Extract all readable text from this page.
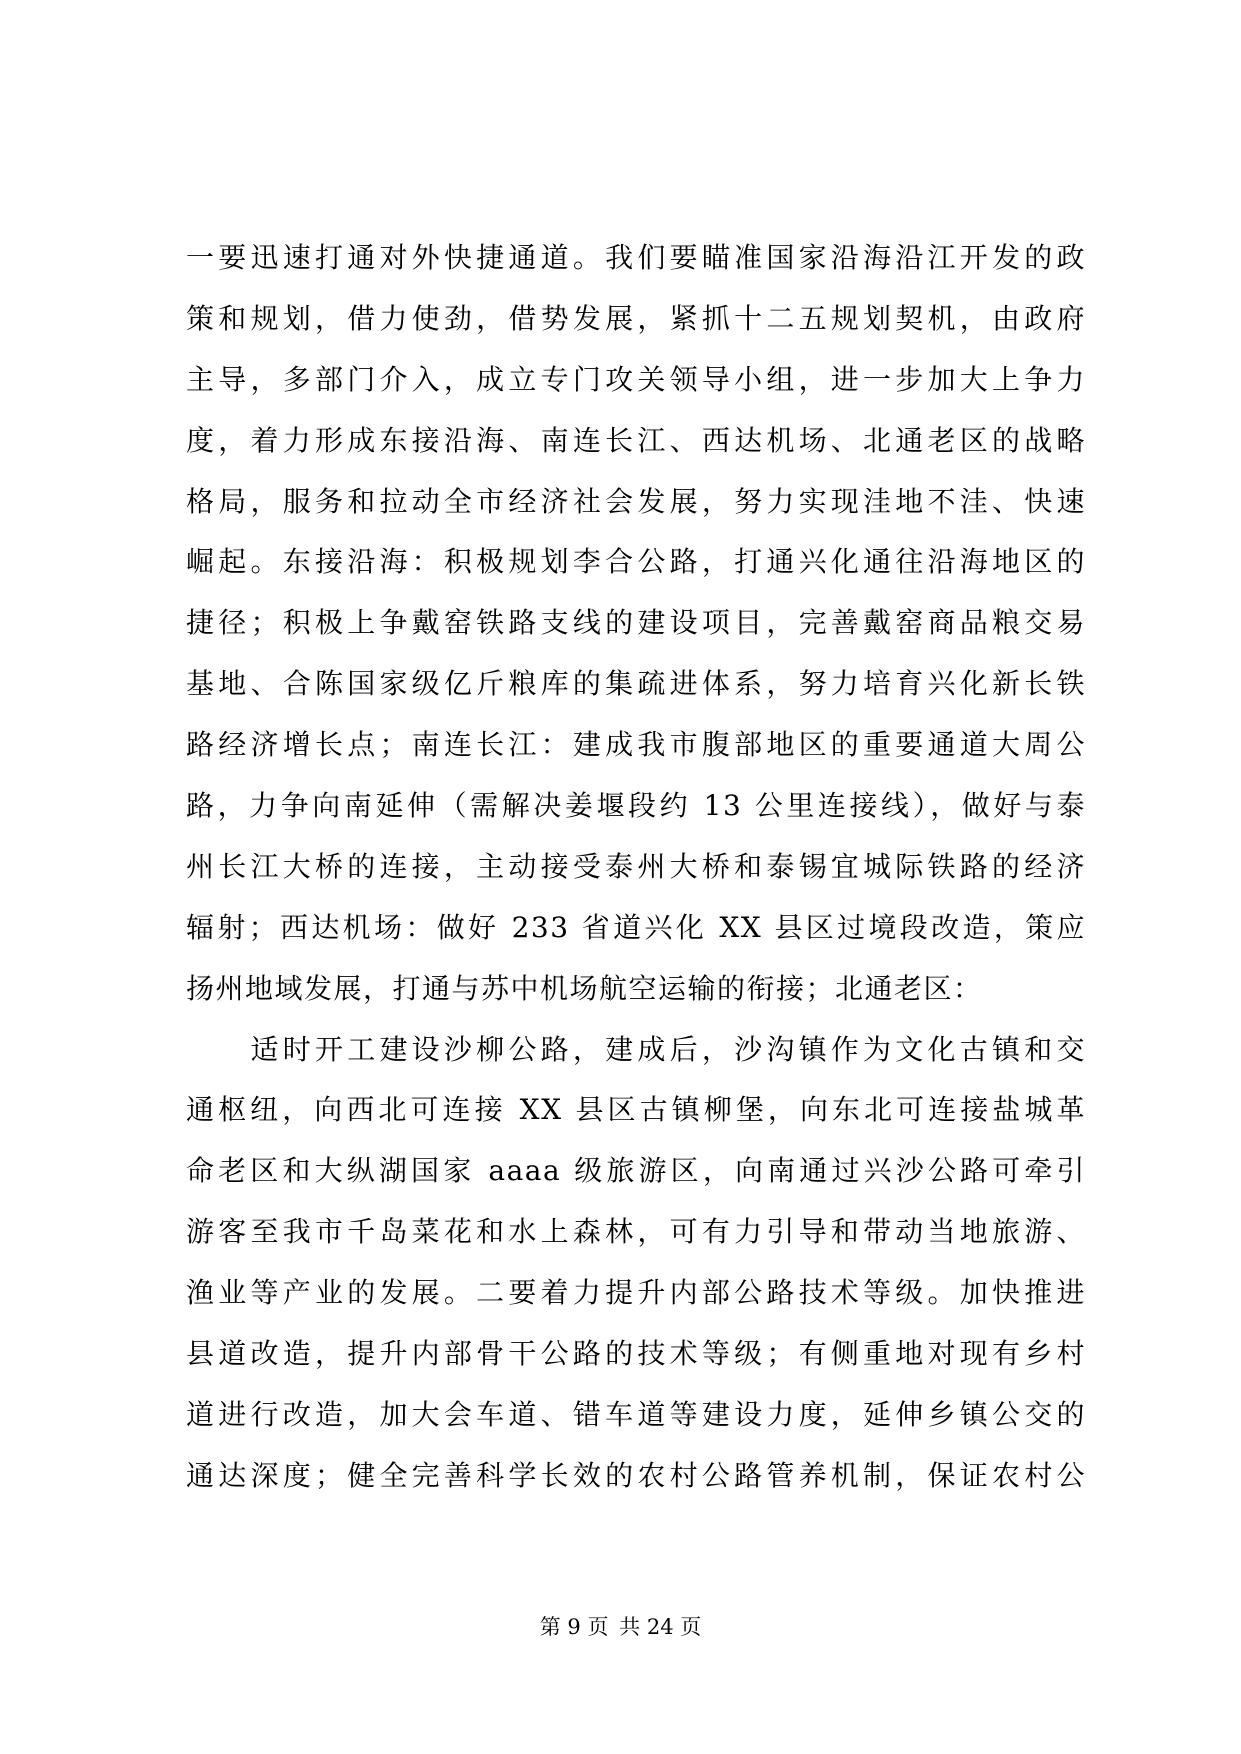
一要迅速打通对外快捷通道。我们要瞄准国家沿海沿江开发的政
策和规划，借力使劲，借势发展，紧抓十二五规划契机，由政府
主导，多部门介入，成立专门攻关领导小组，进一步加大上争力
度，着力形成东接沿海、南连长江、西达机场、北通老区的战略
格局，服务和拉动全市经济社会发展，努力实现洼地不洼、快速
崛起。东接沿海：积极规划李合公路，打通兴化通往沿海地区的
捷径；积极上争戴窑铁路支线的建设项目，完善戴窑商品粮交易
基地、合陈国家级亿斤粮库的集疏进体系，努力培育兴化新长铁
路经济增长点；南连长江：建成我市腹部地区的重要通道大周公
路，力争向南延伸（需解决姜堰段约 13 公里连接线），做好与泰
州长江大桥的连接，主动接受泰州大桥和泰锡宜城际铁路的经济
辐射；西达机场：做好 233 省道兴化 XX 县区过境段改造，策应
扬州地域发展，打通与苏中机场航空运输的衔接；北通老区：
　　适时开工建设沙柳公路，建成后，沙沟镇作为文化古镇和交
通枢纽，向西北可连接 XX 县区古镇柳堡，向东北可连接盐城革
命老区和大纵湖国家 aaaa 级旅游区，向南通过兴沙公路可牵引
游客至我市千岛菜花和水上森林，可有力引导和带动当地旅游、
渔业等产业的发展。二要着力提升内部公路技术等级。加快推进
县道改造，提升内部骨干公路的技术等级；有侧重地对现有乡村
道进行改造，加大会车道、错车道等建设力度，延伸乡镇公交的
通达深度；健全完善科学长效的农村公路管养机制，保证农村公
第 9 页 共 24 页
